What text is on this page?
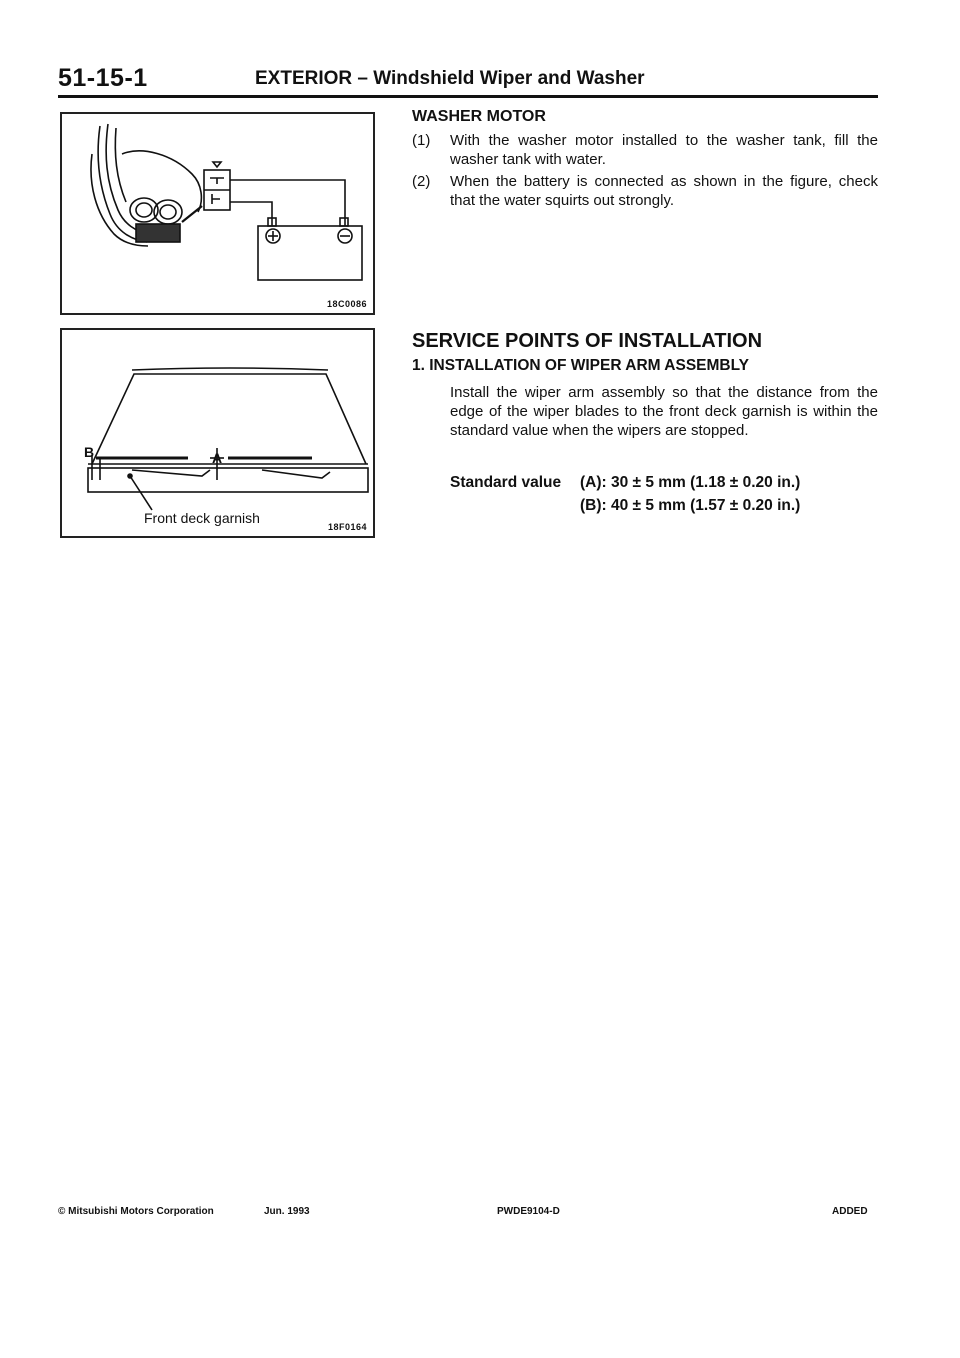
51-15-1	EXTERIOR – Windshield Wiper and Washer
18C0086
B	A
Front deck garnish
18F0164
WASHER MOTOR
(1) With the washer motor installed to the washer tank, fill the washer tank with water.
(2) When the battery is connected as shown in the figure, check that the water squirts out strongly.
SERVICE POINTS OF INSTALLATION
1. INSTALLATION OF WIPER ARM ASSEMBLY
Install the wiper arm assembly so that the distance from the edge of the wiper blades to the front deck garnish is within the standard value when the wipers are stopped.
Standard value (A): 30 ± 5 mm (1.18 ± 0.20 in.)
(B): 40 ± 5 mm (1.57 ± 0.20 in.)
© Mitsubishi Motors Corporation	Jun. 1993	PWDE9104-D	ADDED
